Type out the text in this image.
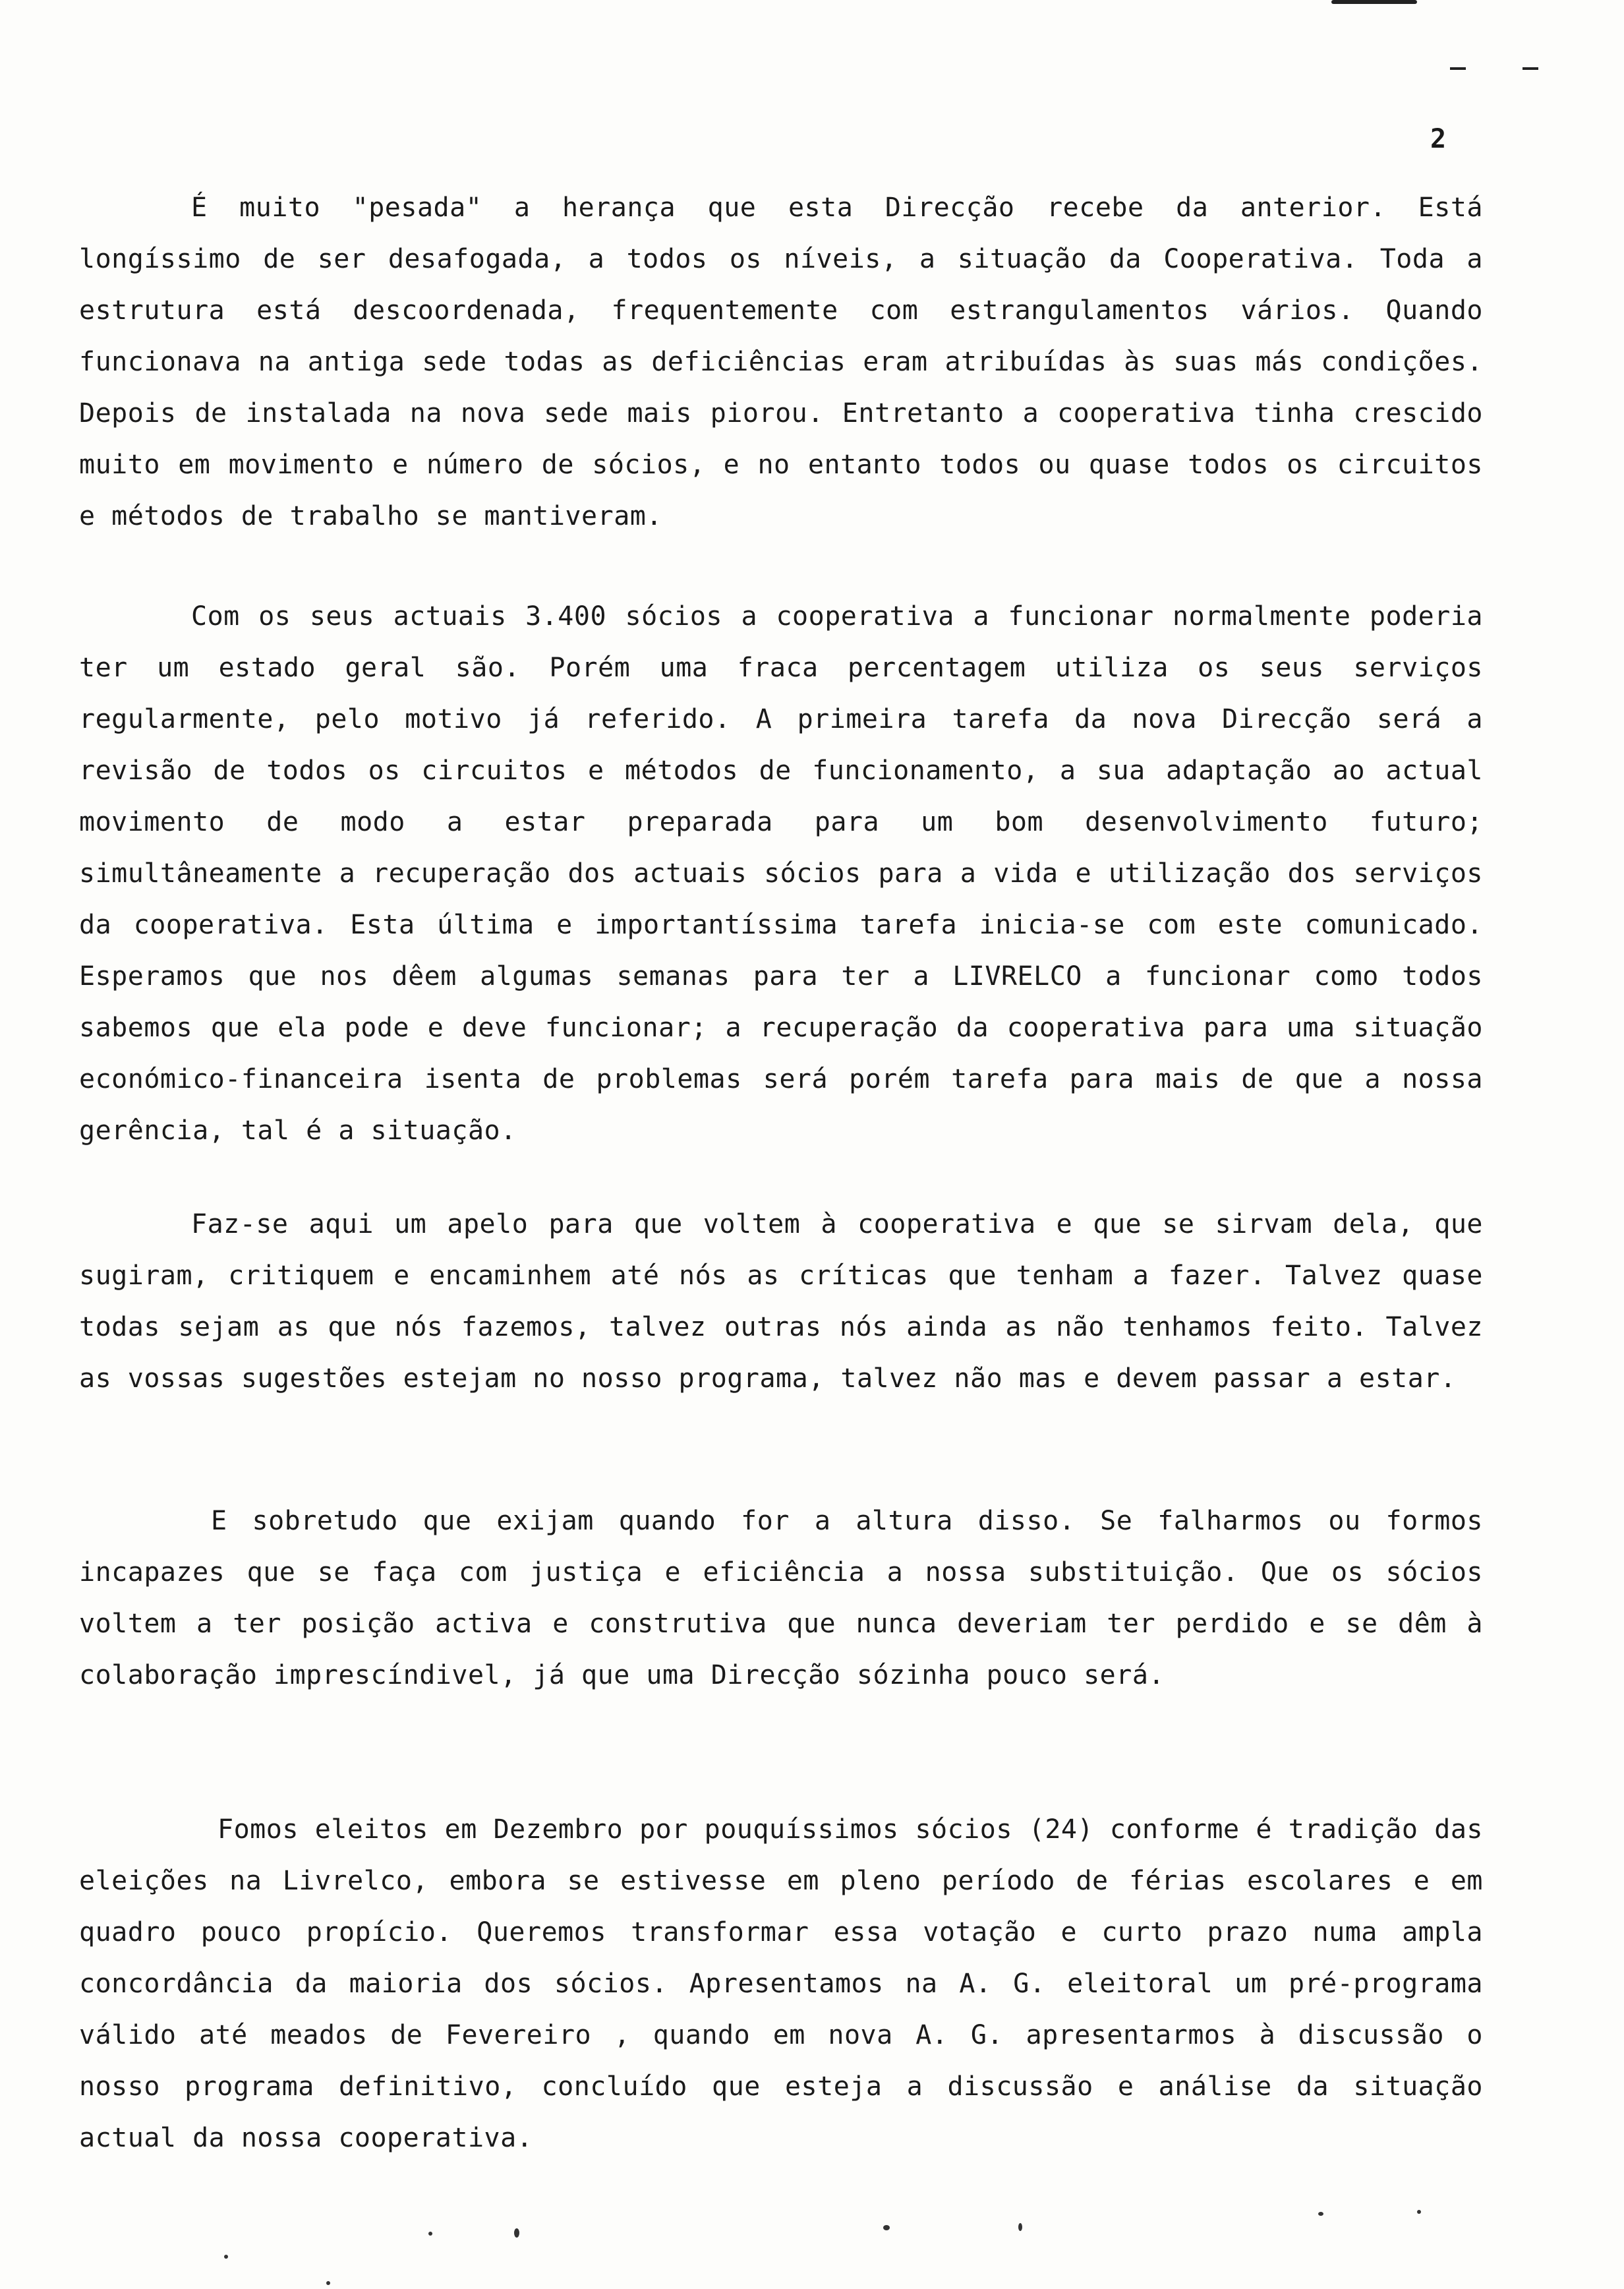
2

É muito "pesada" a herança que esta Direcção recebe da anterior. Está longíssimo de ser desafogada, a todos os níveis, a situação da Cooperativa. Toda a estrutura está descoordenada, frequentemente com estrangulamentos vários. Quando funcionava na antiga sede todas as deficiências eram atribuídas às suas más condições. Depois de instalada na nova sede mais piorou. Entretanto a cooperativa tinha crescido muito em movimento e número de sócios, e no entanto todos ou quase todos os circuitos e métodos de trabalho se mantiveram.

Com os seus actuais 3.400 sócios a cooperativa a funcionar normalmente poderia ter um estado geral são. Porém uma fraca percentagem utiliza os seus serviços regularmente, pelo motivo já referido. A primeira tarefa da nova Direcção será a revisão de todos os circuitos e métodos de funcionamento, a sua adaptação ao actual movimento de modo a estar preparada para um bom desenvolvimento futuro; simultâneamente a recuperação dos actuais sócios para a vida e utilização dos serviços da cooperativa. Esta última e importantíssima tarefa inicia-se com este comunicado. Esperamos que nos dêem algumas semanas para ter a LIVRELCO a funcionar como todos sabemos que ela pode e deve funcionar; a recuperação da cooperativa para uma situação económico-financeira isenta de problemas será porém tarefa para mais de que a nossa gerência, tal é a situação.

Faz-se aqui um apelo para que voltem à cooperativa e que se sirvam dela, que sugiram, critiquem e encaminhem até nós as críticas que tenham a fazer. Talvez quase todas sejam as que nós fazemos, talvez outras nós ainda as não tenhamos feito. Talvez as vossas sugestões estejam no nosso programa, talvez não mas e devem passar a estar.

E sobretudo que exijam quando for a altura disso. Se falharmos ou formos incapazes que se faça com justiça e eficiência a nossa substituição. Que os sócios voltem a ter posição activa e construtiva que nunca deveriam ter perdido e se dêm à colaboração imprescíndivel, já que uma Direcção sózinha pouco será.

Fomos eleitos em Dezembro por pouquíssimos sócios (24) conforme é tradição das eleições na Livrelco, embora se estivesse em pleno período de férias escolares e em quadro pouco propício. Queremos transformar essa votação e curto prazo numa ampla concordância da maioria dos sócios. Apresentamos na A. G. eleitoral um pré-programa válido até meados de Fevereiro , quando em nova A. G. apresentarmos à discussão o nosso programa definitivo, concluído que esteja a discussão e análise da situação actual da nossa cooperativa.
